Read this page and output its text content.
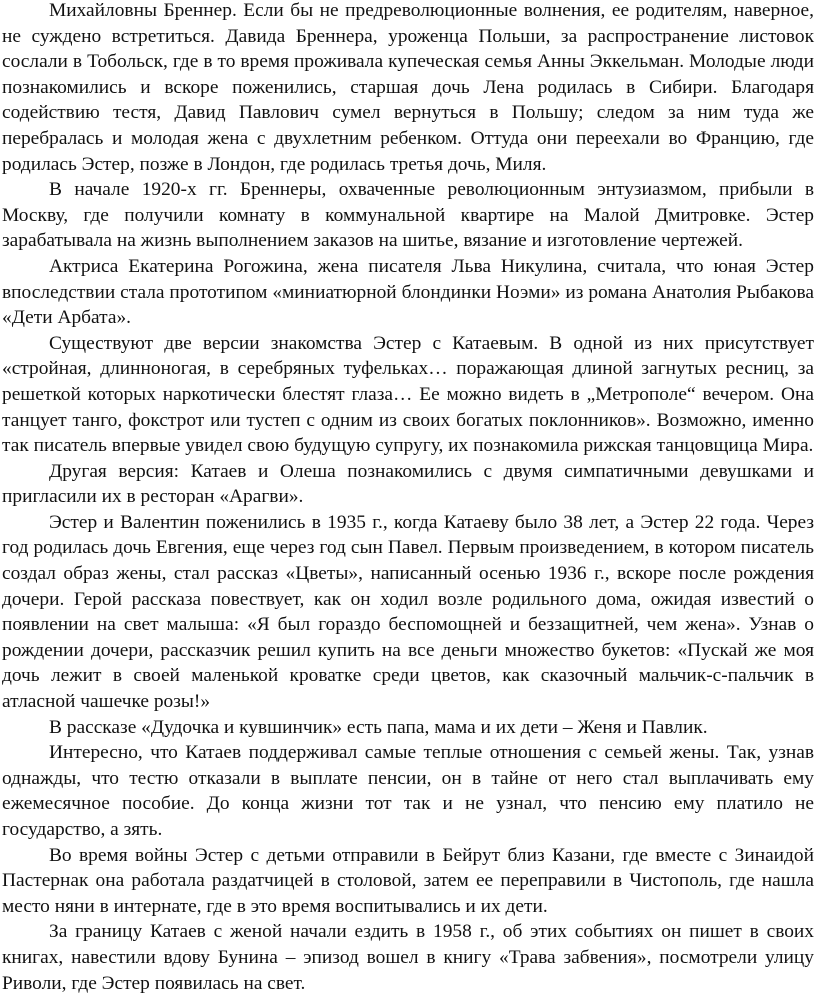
Михайловны Бреннер. Если бы не предреволюционные волнения, ее родителям, наверное, не суждено встретиться. Давида Бреннера, уроженца Польши, за распространение листовок сослали в Тобольск, где в то время проживала купеческая семья Анны Эккельман. Молодые люди познакомились и вскоре поженились, старшая дочь Лена родилась в Сибири. Благодаря содействию тестя, Давид Павлович сумел вернуться в Польшу; следом за ним туда же перебралась и молодая жена с двухлетним ребенком. Оттуда они переехали во Францию, где родилась Эстер, позже в Лондон, где родилась третья дочь, Миля.

В начале 1920-х гг. Бреннеры, охваченные революционным энтузиазмом, прибыли в Москву, где получили комнату в коммунальной квартире на Малой Дмитровке. Эстер зарабатывала на жизнь выполнением заказов на шитье, вязание и изготовление чертежей.

Актриса Екатерина Рогожина, жена писателя Льва Никулина, считала, что юная Эстер впоследствии стала прототипом «миниатюрной блондинки Ноэми» из романа Анатолия Рыбакова «Дети Арбата».

Существуют две версии знакомства Эстер с Катаевым. В одной из них присутствует «стройная, длинноногая, в серебряных туфельках… поражающая длиной загнутых ресниц, за решеткой которых наркотически блестят глаза… Ее можно видеть в „Метрополе“ вечером. Она танцует танго, фокстрот или тустеп с одним из своих богатых поклонников». Возможно, именно так писатель впервые увидел свою будущую супругу, их познакомила рижская танцовщица Мира.

Другая версия: Катаев и Олеша познакомились с двумя симпатичными девушками и пригласили их в ресторан «Арагви».

Эстер и Валентин поженились в 1935 г., когда Катаеву было 38 лет, а Эстер 22 года. Через год родилась дочь Евгения, еще через год сын Павел. Первым произведением, в котором писатель создал образ жены, стал рассказ «Цветы», написанный осенью 1936 г., вскоре после рождения дочери. Герой рассказа повествует, как он ходил возле родильного дома, ожидая известий о появлении на свет малыша: «Я был гораздо беспомощней и беззащитней, чем жена». Узнав о рождении дочери, рассказчик решил купить на все деньги множество букетов: «Пускай же моя дочь лежит в своей маленькой кроватке среди цветов, как сказочный мальчик-с-пальчик в атласной чашечке розы!»

В рассказе «Дудочка и кувшинчик» есть папа, мама и их дети – Женя и Павлик.

Интересно, что Катаев поддерживал самые теплые отношения с семьей жены. Так, узнав однажды, что тестю отказали в выплате пенсии, он в тайне от него стал выплачивать ему ежемесячное пособие. До конца жизни тот так и не узнал, что пенсию ему платило не государство, а зять.

Во время войны Эстер с детьми отправили в Бейрут близ Казани, где вместе с Зинаидой Пастернак она работала раздатчицей в столовой, затем ее переправили в Чистополь, где нашла место няни в интернате, где в это время воспитывались и их дети.

За границу Катаев с женой начали ездить в 1958 г., об этих событиях он пишет в своих книгах, навестили вдову Бунина – эпизод вошел в книгу «Трава забвения», посмотрели улицу Риволи, где Эстер появилась на свет.
